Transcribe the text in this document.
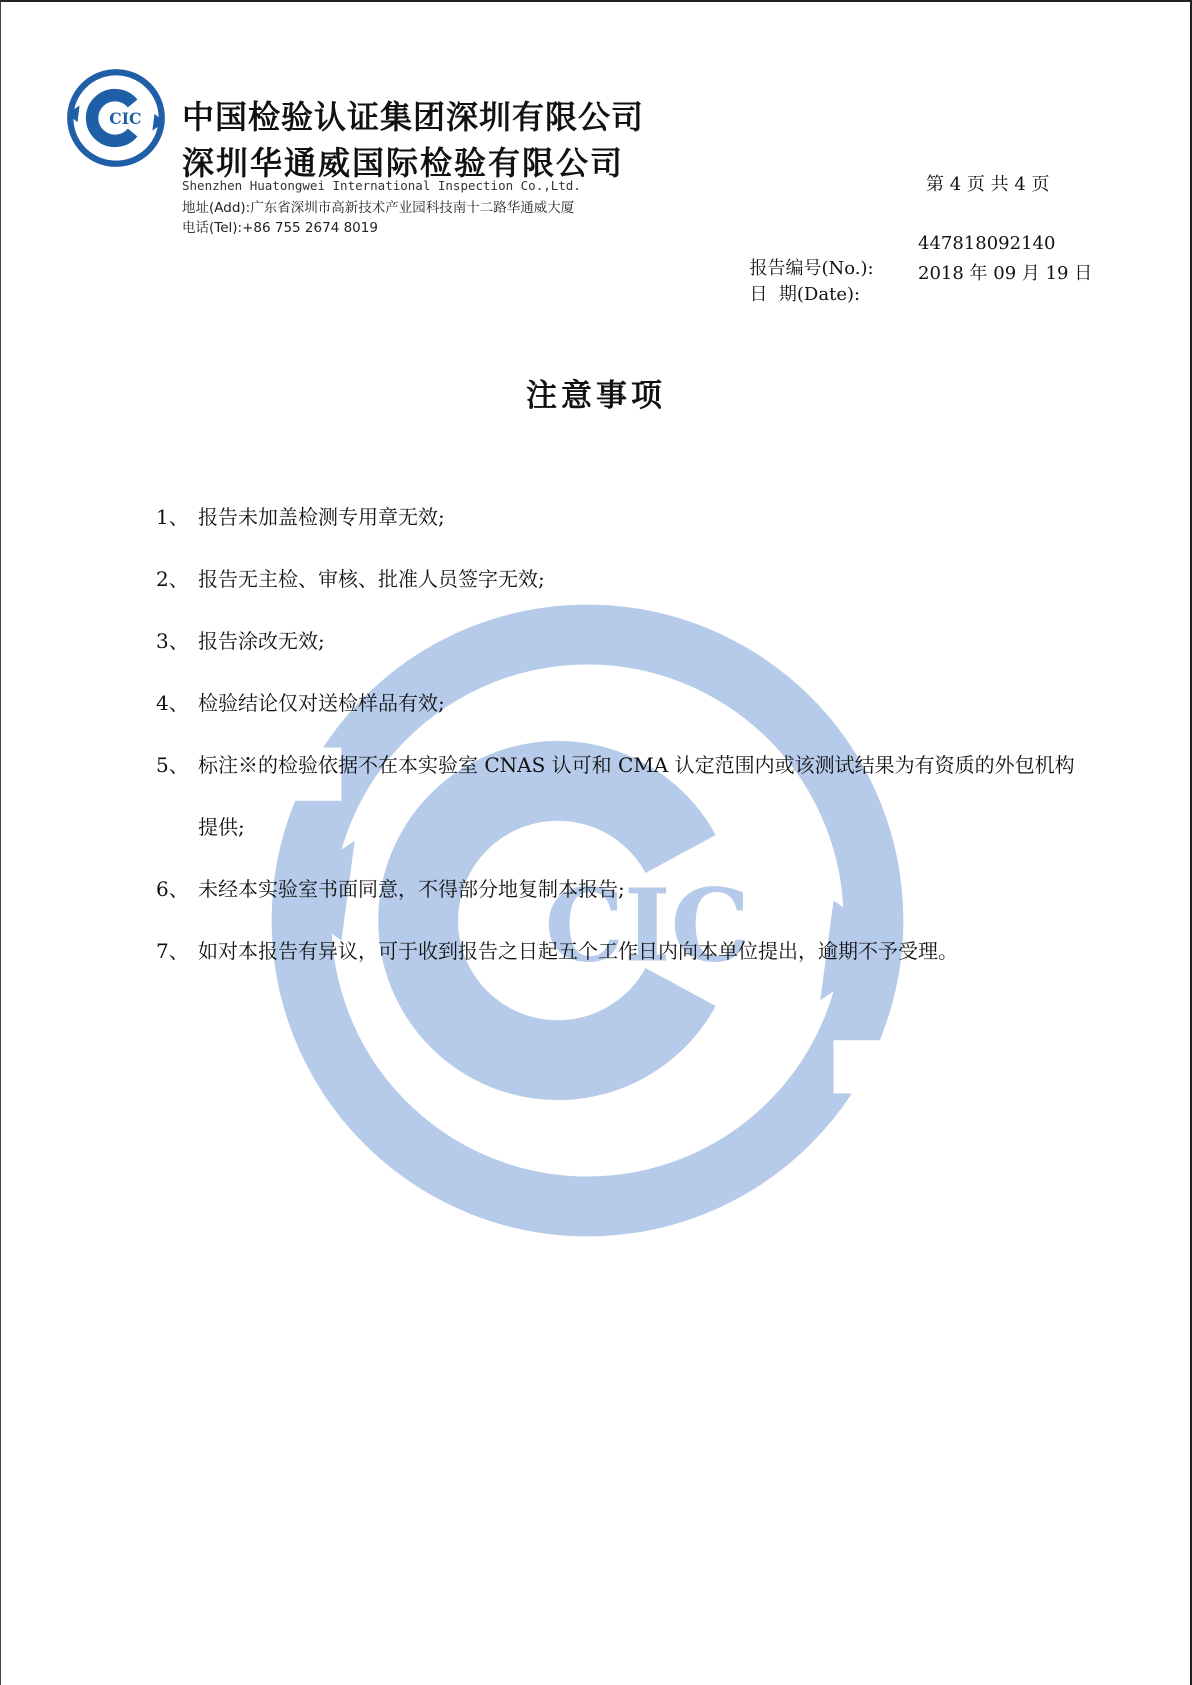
CIC
CIC 中国检验认证集团深圳有限公司
深圳华通威国际检验有限公司
Shenzhen Huatongwei International Inspection Co.,Ltd.
地址(Add):广东省深圳市高新技术产业园科技南十二路华通威大厦
电话(Tel):+86 755 2674 8019
第 4 页 共 4 页

报告编号(No.):

447818092140

日  期(Date):

2018 年 09 月 19 日

注意事项
1、 报告未加盖检测专用章无效;
2、 报告无主检、审核、批准人员签字无效;
3、 报告涂改无效;
4、 检验结论仅对送检样品有效;
5、 标注※的检验依据不在本实验室 CNAS 认可和 CMA 认定范围内或该测试结果为有资质的外包机构提供;
6、 未经本实验室书面同意，不得部分地复制本报告;
7、 如对本报告有异议，可于收到报告之日起五个工作日内向本单位提出，逾期不予受理。
